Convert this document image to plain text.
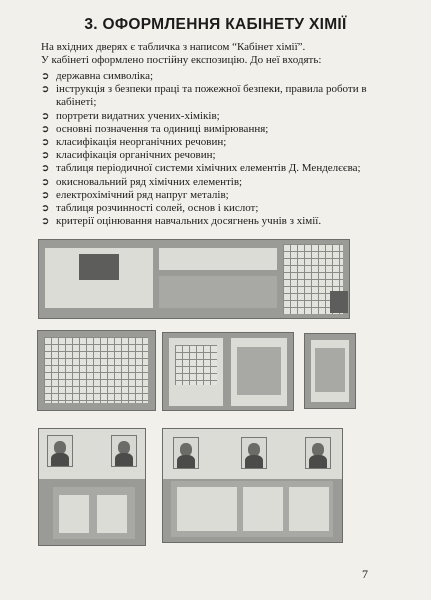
3. ОФОРМЛЕННЯ КАБІНЕТУ ХІМІЇ
На вхідних дверях є табличка з написом “Кабінет хімії”.
У кабінеті оформлено постійну експозицію. До неї входять:
➲ державна символіка;
➲ інструкція з безпеки праці та пожежної безпеки, правила роботи в
кабінеті;
➲ портрети видатних учених-хіміків;
➲ основні позначення та одиниці вимірювання;
➲ класифікація неорганічних речовин;
➲ класифікація органічних речовин;
➲ таблиця періодичної системи хімічних елементів Д. Менделєєва;
➲ окисновальний ряд хімічних елементів;
➲ електрохімічний ряд напруг металів;
➲ таблиця розчинності солей, основ і кислот;
➲ критерії оцінювання навчальних досягнень учнів з хімії.
7
